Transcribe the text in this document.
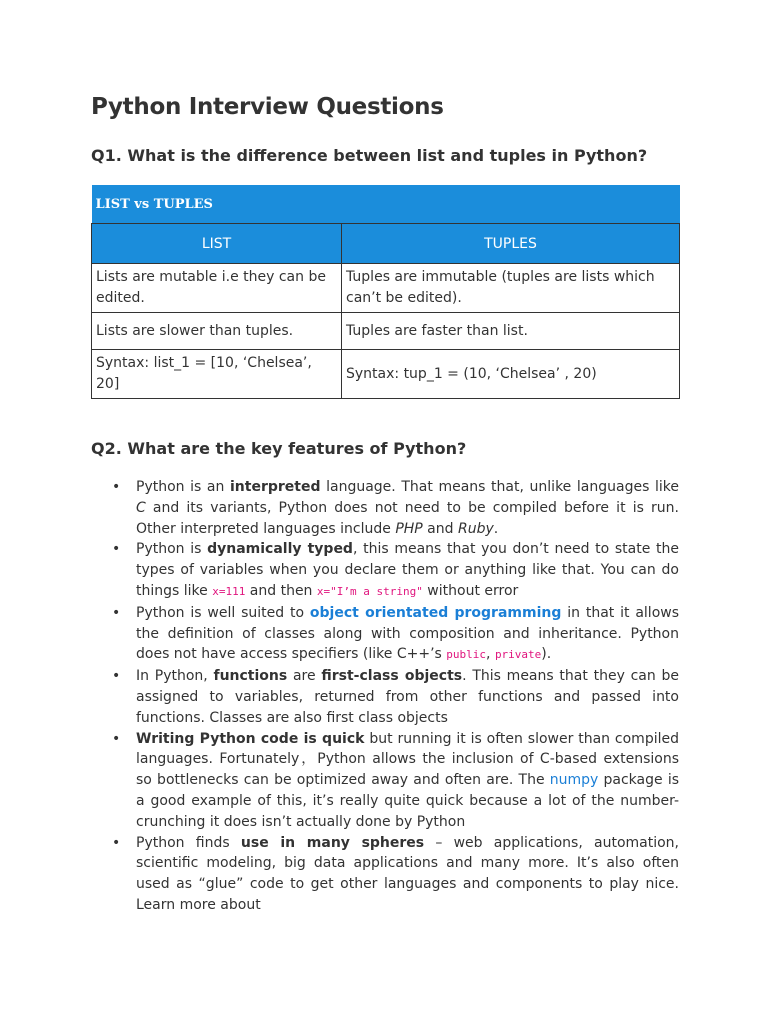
Python Interview Questions
Q1. What is the difference between list and tuples in Python?
LIST vs TUPLES	
LIST	TUPLES
Lists are mutable i.e they can be edited.	Tuples are immutable (tuples are lists which can’t be edited).
Lists are slower than tuples.	Tuples are faster than list.
Syntax: list_1 = [10, ‘Chelsea’, 20]	Syntax: tup_1 = (10, ‘Chelsea’ , 20)
Q2. What are the key features of Python?
• Python is an interpreted language. That means that, unlike languages like C and its variants, Python does not need to be compiled before it is run. Other interpreted languages include PHP and Ruby.
• Python is dynamically typed, this means that you don’t need to state the types of variables when you declare them or anything like that. You can do things like x=111 and then x="I’m a string" without error
• Python is well suited to object orientated programming in that it allows the definition of classes along with composition and inheritance. Python does not have access specifiers (like C++’s public, private).
• In Python, functions are first-class objects. This means that they can be assigned to variables, returned from other functions and passed into functions. Classes are also first class objects
• Writing Python code is quick but running it is often slower than compiled languages. Fortunately，Python allows the inclusion of C-based extensions so bottlenecks can be optimized away and often are. The numpy package is a good example of this, it’s really quite quick because a lot of the number-crunching it does isn’t actually done by Python
• Python finds use in many spheres – web applications, automation, scientific modeling, big data applications and many more. It’s also often used as “glue” code to get other languages and components to play nice. Learn more about
